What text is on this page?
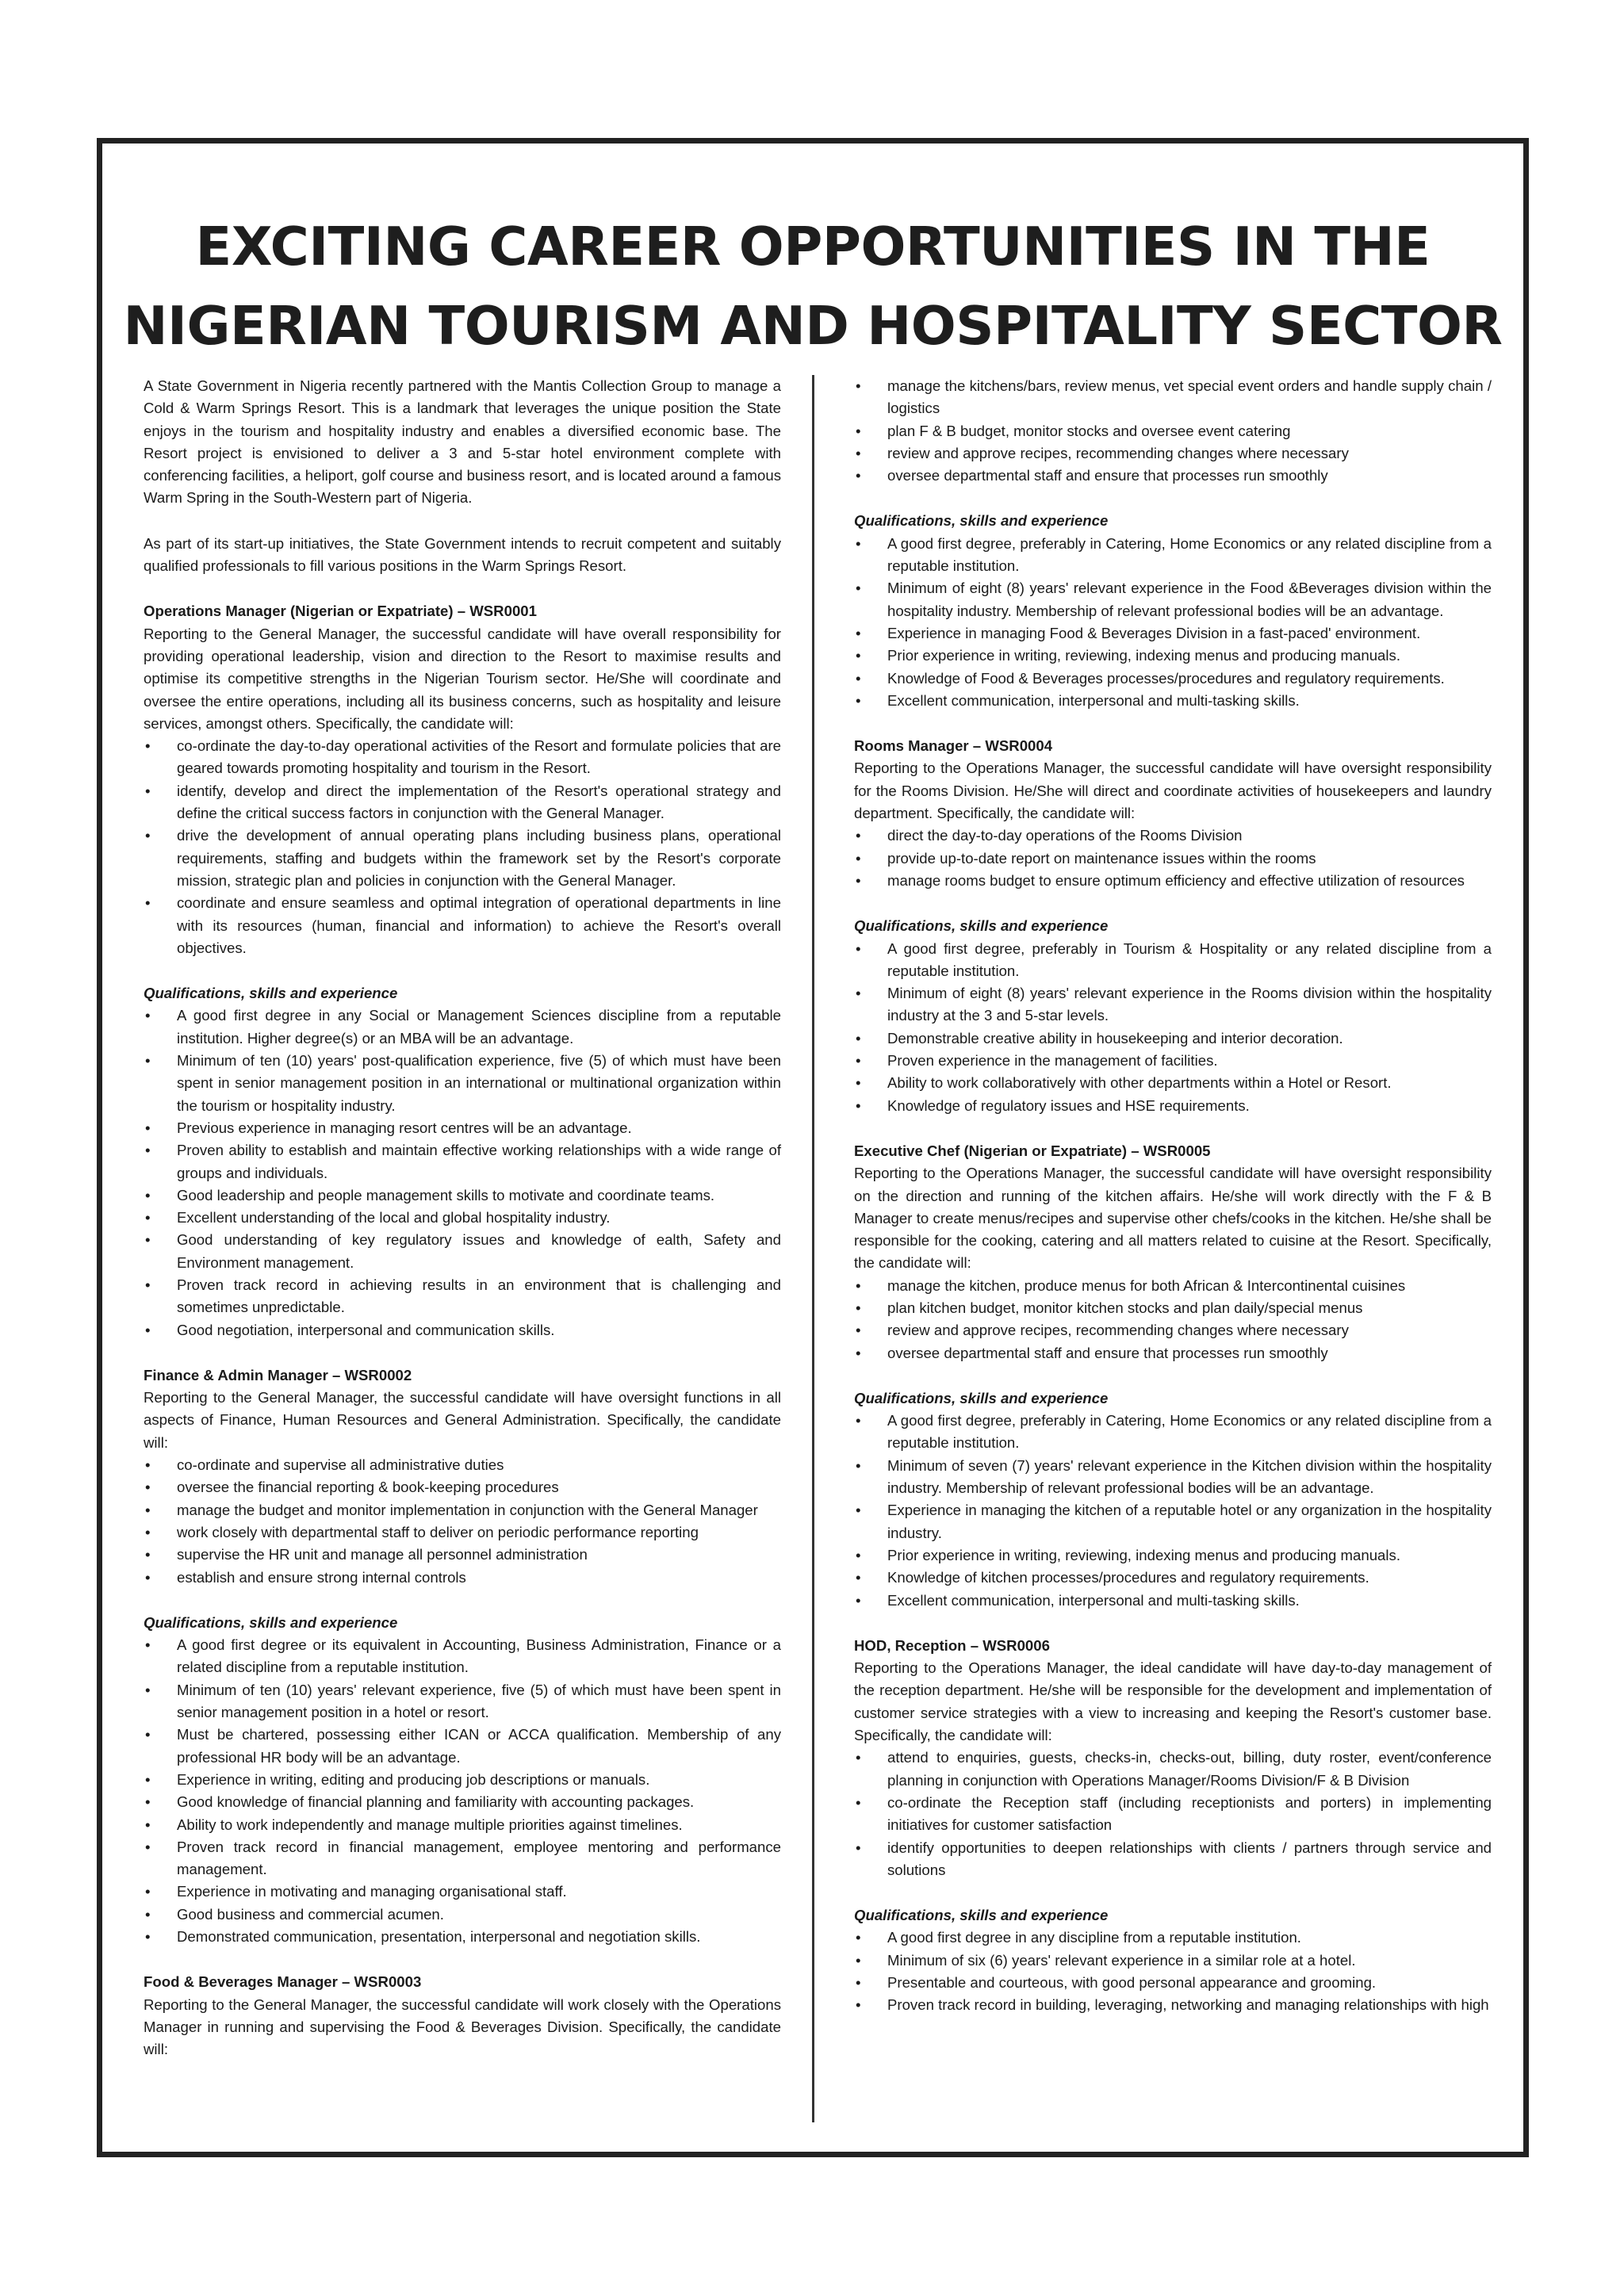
EXCITING CAREER OPPORTUNITIES IN THE
NIGERIAN TOURISM AND HOSPITALITY SECTOR

A State Government in Nigeria recently partnered with the Mantis Collection Group to manage a Cold & Warm Springs Resort. This is a landmark that leverages the unique position the State enjoys in the tourism and hospitality industry and enables a diversified economic base. The Resort project is envisioned to deliver a 3 and 5-star hotel environment complete with conferencing facilities, a heliport, golf course and business resort, and is located around a famous Warm Spring in the South-Western part of Nigeria.

As part of its start-up initiatives, the State Government intends to recruit competent and suitably qualified professionals to fill various positions in the Warm Springs Resort.

Operations Manager (Nigerian or Expatriate) – WSR0001

Reporting to the General Manager, the successful candidate will have overall responsibility for providing operational leadership, vision and direction to the Resort to maximise results and optimise its competitive strengths in the Nigerian Tourism sector. He/She will coordinate and oversee the entire operations, including all its business concerns, such as hospitality and leisure services, amongst others. Specifically, the candidate will:

• co-ordinate the day-to-day operational activities of the Resort and formulate policies that are geared towards promoting hospitality and tourism in the Resort.
• identify, develop and direct the implementation of the Resort's operational strategy and define the critical success factors in conjunction with the General Manager.
• drive the development of annual operating plans including business plans, operational requirements, staffing and budgets within the framework set by the Resort's corporate mission, strategic plan and policies in conjunction with the General Manager.
• coordinate and ensure seamless and optimal integration of operational departments in line with its resources (human, financial and information) to achieve the Resort's overall objectives.

Qualifications, skills and experience

• A good first degree in any Social or Management Sciences discipline from a reputable institution. Higher degree(s) or an MBA will be an advantage.
• Minimum of ten (10) years' post-qualification experience, five (5) of which must have been spent in senior management position in an international or multinational organization within the tourism or hospitality industry.
• Previous experience in managing resort centres will be an advantage.
• Proven ability to establish and maintain effective working relationships with a wide range of groups and individuals.
• Good leadership and people management skills to motivate and coordinate teams.
• Excellent understanding of the local and global hospitality industry.
• Good understanding of key regulatory issues and knowledge of ealth, Safety and Environment management.
• Proven track record in achieving results in an environment that is challenging and sometimes unpredictable.
• Good negotiation, interpersonal and communication skills.

Finance & Admin Manager – WSR0002

Reporting to the General Manager, the successful candidate will have oversight functions in all aspects of Finance, Human Resources and General Administration. Specifically, the candidate will:

• co-ordinate and supervise all administrative duties
• oversee the financial reporting & book-keeping procedures
• manage the budget and monitor implementation in conjunction with the General Manager
• work closely with departmental staff to deliver on periodic performance reporting
• supervise the HR unit and manage all personnel administration
• establish and ensure strong internal controls

Qualifications, skills and experience

• A good first degree or its equivalent in Accounting, Business Administration, Finance or a related discipline from a reputable institution.
• Minimum of ten (10) years' relevant experience, five (5) of which must have been spent in senior management position in a hotel or resort.
• Must be chartered, possessing either ICAN or ACCA qualification. Membership of any professional HR body will be an advantage.
• Experience in writing, editing and producing job descriptions or manuals.
• Good knowledge of financial planning and familiarity with accounting packages.
• Ability to work independently and manage multiple priorities against timelines.
• Proven track record in financial management, employee mentoring and performance management.
• Experience in motivating and managing organisational staff.
• Good business and commercial acumen.
• Demonstrated communication, presentation, interpersonal and negotiation skills.

Food & Beverages Manager – WSR0003

Reporting to the General Manager, the successful candidate will work closely with the Operations Manager in running and supervising the Food & Beverages Division. Specifically, the candidate will:

• manage the kitchens/bars, review menus, vet special event orders and handle supply chain / logistics
• plan F & B budget, monitor stocks and oversee event catering
• review and approve recipes, recommending changes where necessary
• oversee departmental staff and ensure that processes run smoothly

Qualifications, skills and experience

• A good first degree, preferably in Catering, Home Economics or any related discipline from a reputable institution.
• Minimum of eight (8) years' relevant experience in the Food &Beverages division within the hospitality industry. Membership of relevant professional bodies will be an advantage.
• Experience in managing Food & Beverages Division in a fast-paced' environment.
• Prior experience in writing, reviewing, indexing menus and producing manuals.
• Knowledge of Food & Beverages processes/procedures and regulatory requirements.
• Excellent communication, interpersonal and multi-tasking skills.

Rooms Manager – WSR0004

Reporting to the Operations Manager, the successful candidate will have oversight responsibility for the Rooms Division. He/She will direct and coordinate activities of housekeepers and laundry department. Specifically, the candidate will:

• direct the day-to-day operations of the Rooms Division
• provide up-to-date report on maintenance issues within the rooms
• manage rooms budget to ensure optimum efficiency and effective utilization of resources

Qualifications, skills and experience

• A good first degree, preferably in Tourism & Hospitality or any related discipline from a reputable institution.
• Minimum of eight (8) years' relevant experience in the Rooms division within the hospitality industry at the 3 and 5-star levels.
• Demonstrable creative ability in housekeeping and interior decoration.
• Proven experience in the management of facilities.
• Ability to work collaboratively with other departments within a Hotel or Resort.
• Knowledge of regulatory issues and HSE requirements.

Executive Chef (Nigerian or Expatriate) – WSR0005

Reporting to the Operations Manager, the successful candidate will have oversight responsibility on the direction and running of the kitchen affairs. He/she will work directly with the F & B Manager to create menus/recipes and supervise other chefs/cooks in the kitchen. He/she shall be responsible for the cooking, catering and all matters related to cuisine at the Resort. Specifically, the candidate will:

• manage the kitchen, produce menus for both African & Intercontinental cuisines
• plan kitchen budget, monitor kitchen stocks and plan daily/special menus
• review and approve recipes, recommending changes where necessary
• oversee departmental staff and ensure that processes run smoothly

Qualifications, skills and experience

• A good first degree, preferably in Catering, Home Economics or any related discipline from a reputable institution.
• Minimum of seven (7) years' relevant experience in the Kitchen division within the hospitality industry. Membership of relevant professional bodies will be an advantage.
• Experience in managing the kitchen of a reputable hotel or any organization in the hospitality industry.
• Prior experience in writing, reviewing, indexing menus and producing manuals.
• Knowledge of kitchen processes/procedures and regulatory requirements.
• Excellent communication, interpersonal and multi-tasking skills.

HOD, Reception – WSR0006

Reporting to the Operations Manager, the ideal candidate will have day-to-day management of the reception department. He/she will be responsible for the development and implementation of customer service strategies with a view to increasing and keeping the Resort's customer base. Specifically, the candidate will:

• attend to enquiries, guests, checks-in, checks-out, billing, duty roster, event/conference planning in conjunction with Operations Manager/Rooms Division/F & B Division
• co-ordinate the Reception staff (including receptionists and porters) in implementing initiatives for customer satisfaction
• identify opportunities to deepen relationships with clients / partners through service and solutions

Qualifications, skills and experience

• A good first degree in any discipline from a reputable institution.
• Minimum of six (6) years' relevant experience in a similar role at a hotel.
• Presentable and courteous, with good personal appearance and grooming.
• Proven track record in building, leveraging, networking and managing relationships with high
